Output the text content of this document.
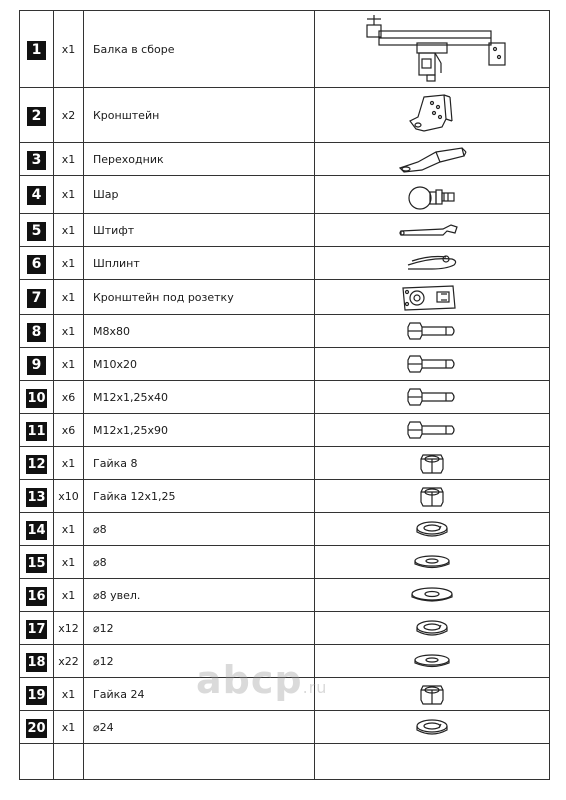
1	x1	Балка в сборе	

2	x2	Кронштейн	

3	x1	Переходник	

4	x1	Шар	

5	x1	Штифт	

6	x1	Шплинт	

7	x1	Кронштейн под розетку	

8	x1	М8х80	

9	x1	М10х20	

10	x6	М12х1,25х40	

11	x6	М12х1,25х90	

12	x1	Гайка 8	

13	x10	Гайка 12х1,25	

14	x1	⌀8	

15	x1	⌀8	

16	x1	⌀8 увел.	

17	x12	⌀12	

18	x22	⌀12	

19	x1	Гайка 24	

20	x1	⌀24	

abcp.ru
